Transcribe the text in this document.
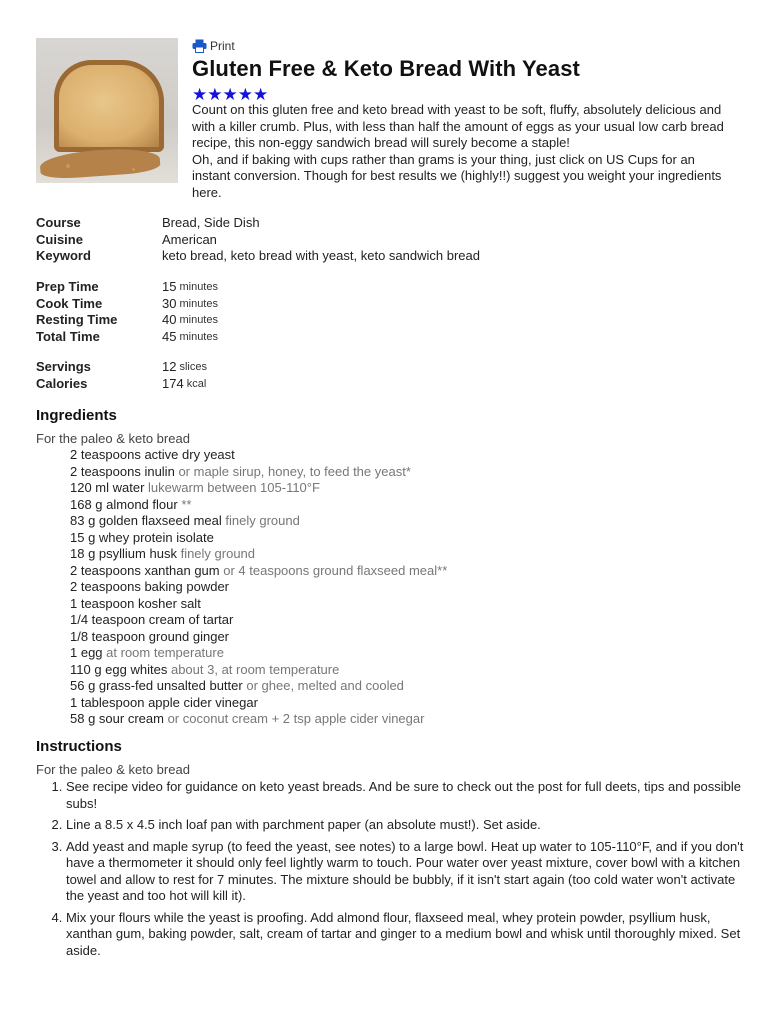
Print
Gluten Free & Keto Bread With Yeast
★ ★ ★ ★ ★

Count on this gluten free and keto bread with yeast to be soft, fluffy, absolutely delicious and with a killer crumb. Plus, with less than half the amount of eggs as your usual low carb bread recipe, this non-eggy sandwich bread will surely become a staple!

Oh, and if baking with cups rather than grams is your thing, just click on US Cups for an instant conversion. Though for best results we (highly!!) suggest you weight your ingredients here.

Course	Bread, Side Dish
Cuisine	American
Keyword	keto bread, keto bread with yeast, keto sandwich bread
Prep Time	15 minutes
Cook Time	30 minutes
Resting Time	40 minutes
Total Time	45 minutes
Servings	12 slices
Calories	174 kcal
Ingredients
For the paleo & keto bread
2 teaspoons active dry yeast
2 teaspoons inulin or maple sirup, honey, to feed the yeast*
120 ml water lukewarm between 105-110°F
168 g almond flour **
83 g golden flaxseed meal finely ground
15 g whey protein isolate
18 g psyllium husk finely ground
2 teaspoons xanthan gum or 4 teaspoons ground flaxseed meal**
2 teaspoons baking powder
1 teaspoon kosher salt
1/4 teaspoon cream of tartar
1/8 teaspoon ground ginger
1 egg at room temperature
110 g egg whites about 3, at room temperature
56 g grass-fed unsalted butter or ghee, melted and cooled
1 tablespoon apple cider vinegar
58 g sour cream or coconut cream + 2 tsp apple cider vinegar
Instructions
For the paleo & keto bread
1. See recipe video for guidance on keto yeast breads. And be sure to check out the post for full deets, tips and possible subs!
2. Line a 8.5 x 4.5 inch loaf pan with parchment paper (an absolute must!). Set aside.
3. Add yeast and maple syrup (to feed the yeast, see notes) to a large bowl. Heat up water to 105-110°F, and if you don't have a thermometer it should only feel lightly warm to touch. Pour water over yeast mixture, cover bowl with a kitchen towel and allow to rest for 7 minutes. The mixture should be bubbly, if it isn't start again (too cold water won't activate the yeast and too hot will kill it).
4. Mix your flours while the yeast is proofing. Add almond flour, flaxseed meal, whey protein powder, psyllium husk, xanthan gum, baking powder, salt, cream of tartar and ginger to a medium bowl and whisk until thoroughly mixed. Set aside.
